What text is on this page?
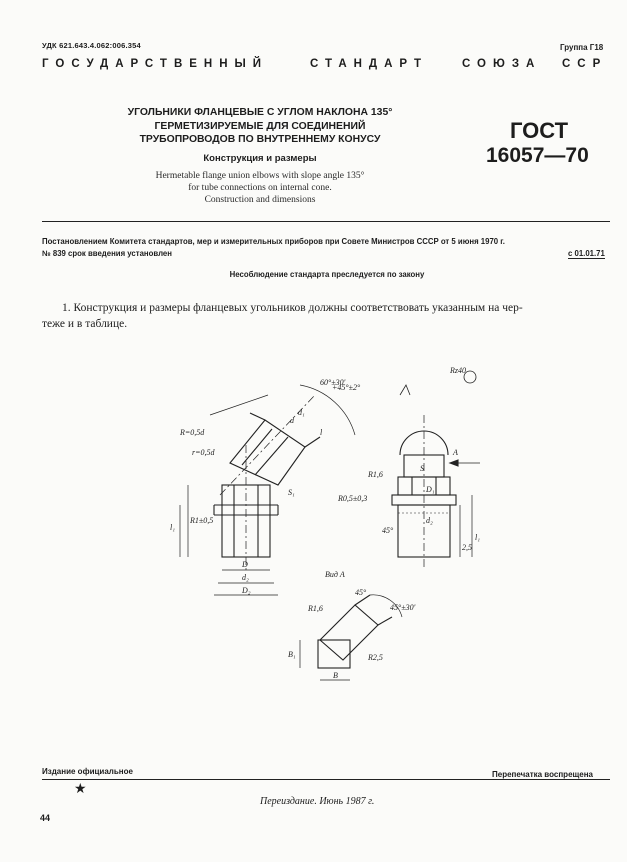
УДК 621.643.4.062:006.354	Группа Г18
ГОСУДАРСТВЕННЫЙ	СТАНДАРТ	СОЮЗА ССР
УГОЛЬНИКИ ФЛАНЦЕВЫЕ С УГЛОМ НАКЛОНА 135°
ГЕРМЕТИЗИРУЕМЫЕ ДЛЯ СОЕДИНЕНИЙ
ТРУБОПРОВОДОВ ПО ВНУТРЕННЕМУ КОНУСУ
Конструкция и размеры
Hermetable flange union elbows with slope angle 135°
for tube connections on internal cone.
Construction and dimensions
ГОСТ
16057—70
Постановлением Комитета стандартов, мер и измерительных приборов при Совете Министров СССР от 5 июня 1970 г.
№ 839 срок введения установлен	с 01.01.71
Несоблюдение стандарта преследуется по закону
1. Конструкция и размеры фланцевых угольников должны соответствовать указанным на чер-
теже и в таблице.
Rz40
R=0,5d
r=0,5d
d
d₁
l
l₁
R1±0,5
D
d₂
D₂
S₁
+45°±2°
60°±30'
R1,6
R0,5±0,3
S
D₁
d₂
45°
A
2,5
l₁
Вид A
R1,6
45°
45°±30'
R2,5
B
B₁
Издание официальное	Перепечатка воспрещена
★
Переиздание. Июнь 1987 г.
44
